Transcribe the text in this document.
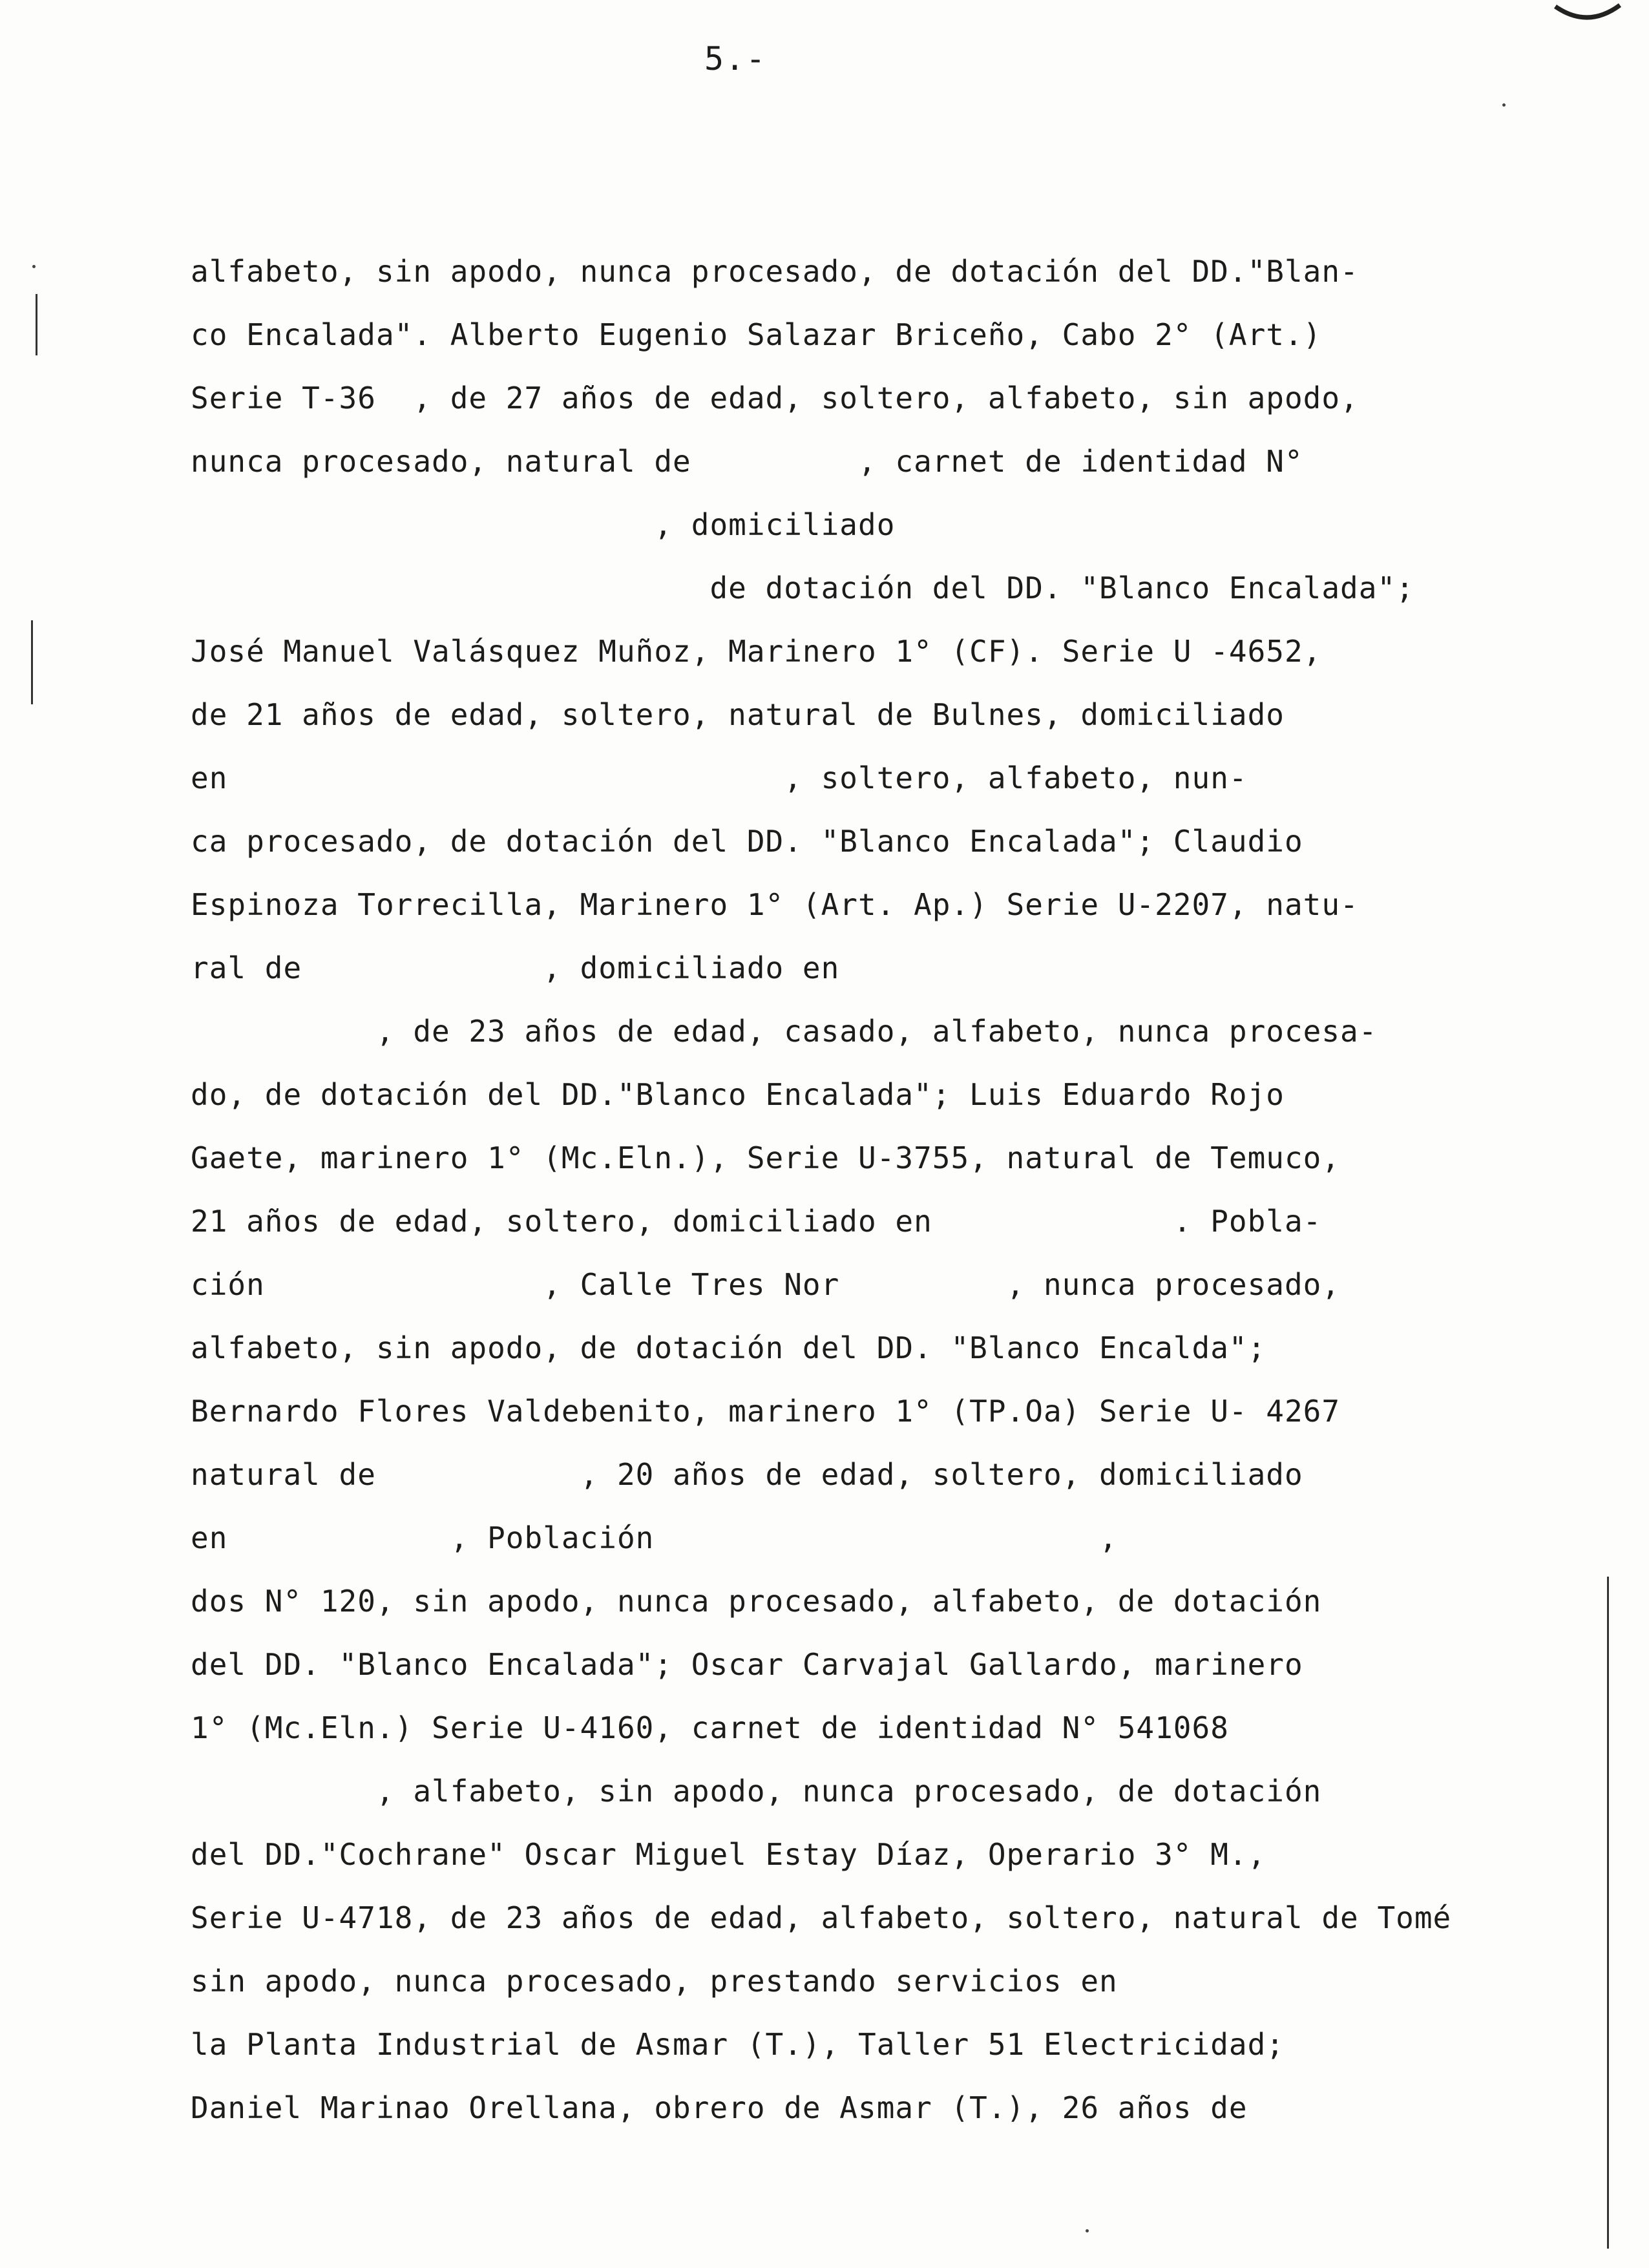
5.-
alfabeto, sin apodo, nunca procesado, de dotación del DD."Blan-
co Encalada". Alberto Eugenio Salazar Briceño, Cabo 2° (Art.)
Serie T-36  , de 27 años de edad, soltero, alfabeto, sin apodo,
nunca procesado, natural de         , carnet de identidad N°
, domiciliado
de dotación del DD. "Blanco Encalada";
José Manuel Valásquez Muñoz, Marinero 1° (CF). Serie U -4652,
de 21 años de edad, soltero, natural de Bulnes, domiciliado
en                              , soltero, alfabeto, nun-
ca procesado, de dotación del DD. "Blanco Encalada"; Claudio
Espinoza Torrecilla, Marinero 1° (Art. Ap.) Serie U-2207, natu-
ral de             , domiciliado en
, de 23 años de edad, casado, alfabeto, nunca procesa-
do, de dotación del DD."Blanco Encalada"; Luis Eduardo Rojo
Gaete, marinero 1° (Mc.Eln.), Serie U-3755, natural de Temuco,
21 años de edad, soltero, domiciliado en             . Pobla-
ción               , Calle Tres Nor         , nunca procesado,
alfabeto, sin apodo, de dotación del DD. "Blanco Encalda";
Bernardo Flores Valdebenito, marinero 1° (TP.Oa) Serie U- 4267
natural de           , 20 años de edad, soltero, domiciliado
en            , Población                        ,
dos N° 120, sin apodo, nunca procesado, alfabeto, de dotación
del DD. "Blanco Encalada"; Oscar Carvajal Gallardo, marinero
1° (Mc.Eln.) Serie U-4160, carnet de identidad N° 541068
, alfabeto, sin apodo, nunca procesado, de dotación
del DD."Cochrane" Oscar Miguel Estay Díaz, Operario 3° M.,
Serie U-4718, de 23 años de edad, alfabeto, soltero, natural de Tomé
sin apodo, nunca procesado, prestando servicios en
la Planta Industrial de Asmar (T.), Taller 51 Electricidad;
Daniel Marinao Orellana, obrero de Asmar (T.), 26 años de
